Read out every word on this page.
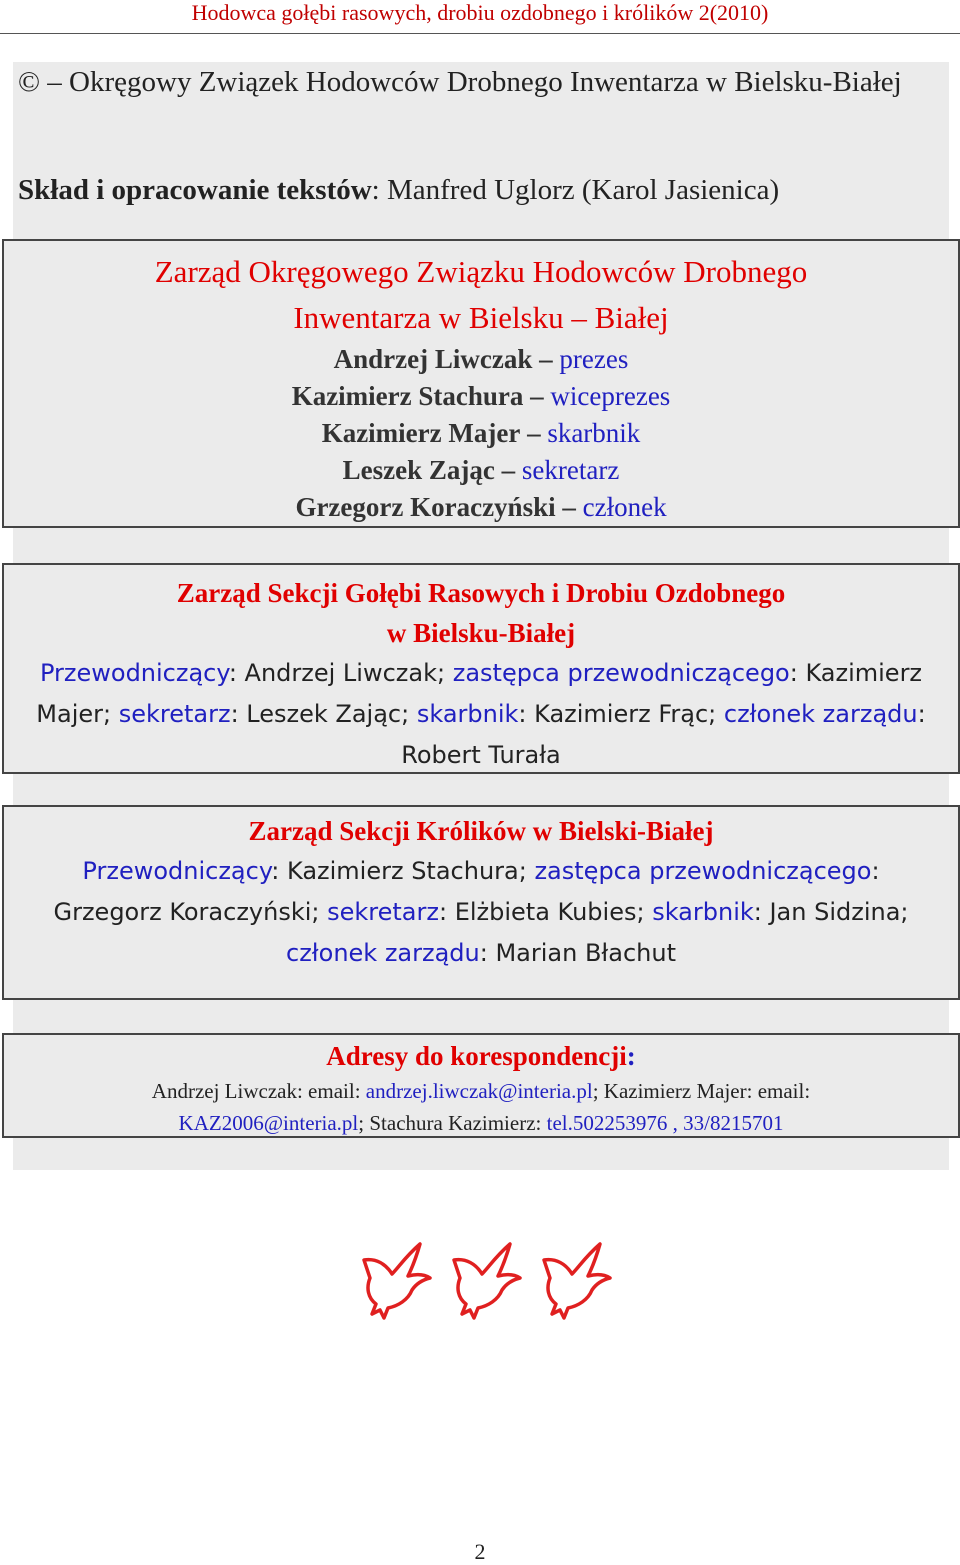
Hodowca gołębi rasowych, drobiu ozdobnego i królików 2(2010)
© – Okręgowy Związek Hodowców Drobnego Inwentarza w Bielsku-Białej
Skład i opracowanie tekstów: Manfred Uglorz (Karol Jasienica)
Zarząd Okręgowego Związku Hodowców Drobnego
Inwentarza w Bielsku – Białej
Andrzej Liwczak – prezes
Kazimierz Stachura – wiceprezes
Kazimierz Majer – skarbnik
Leszek Zając – sekretarz
Grzegorz Koraczyński – członek
Zarząd Sekcji Gołębi Rasowych i Drobiu Ozdobnego
w Bielsku-Białej
Przewodniczący: Andrzej Liwczak; zastępca przewodniczącego: Kazimierz Majer; sekretarz: Leszek Zając; skarbnik: Kazimierz Frąc; członek zarządu: Robert Turała
Zarząd Sekcji Królików w Bielski-Białej
Przewodniczący: Kazimierz Stachura; zastępca przewodniczącego: Grzegorz Koraczyński; sekretarz: Elżbieta Kubies; skarbnik: Jan Sidzina; członek zarządu: Marian Błachut
Adresy do korespondencji:
Andrzej Liwczak: email: andrzej.liwczak@interia.pl; Kazimierz Majer: email:
KAZ2006@interia.pl; Stachura Kazimierz: tel.502253976 , 33/8215701
2
